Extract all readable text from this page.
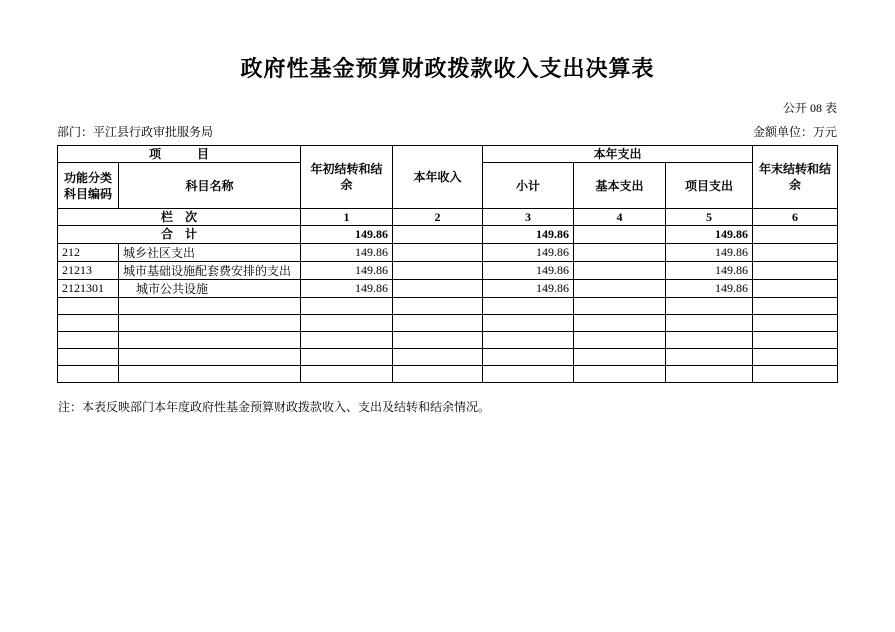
政府性基金预算财政拨款收入支出决算表
公开 08 表
部门：平江县行政审批服务局	金额单位：万元
项　　　目		年初结转和结余	本年收入	本年支出			年末结转和结余
功能分类科目编码	科目名称			小计	基本支出	项目支出	
栏　次		1	2	3	4	5	6
合　计		149.86		149.86		149.86	
212	城乡社区支出	149.86		149.86		149.86	
21213	城市基础设施配套费安排的支出	149.86		149.86		149.86	
2121301	城市公共设施	149.86		149.86		149.86	

注：本表反映部门本年度政府性基金预算财政拨款收入、支出及结转和结余情况。
